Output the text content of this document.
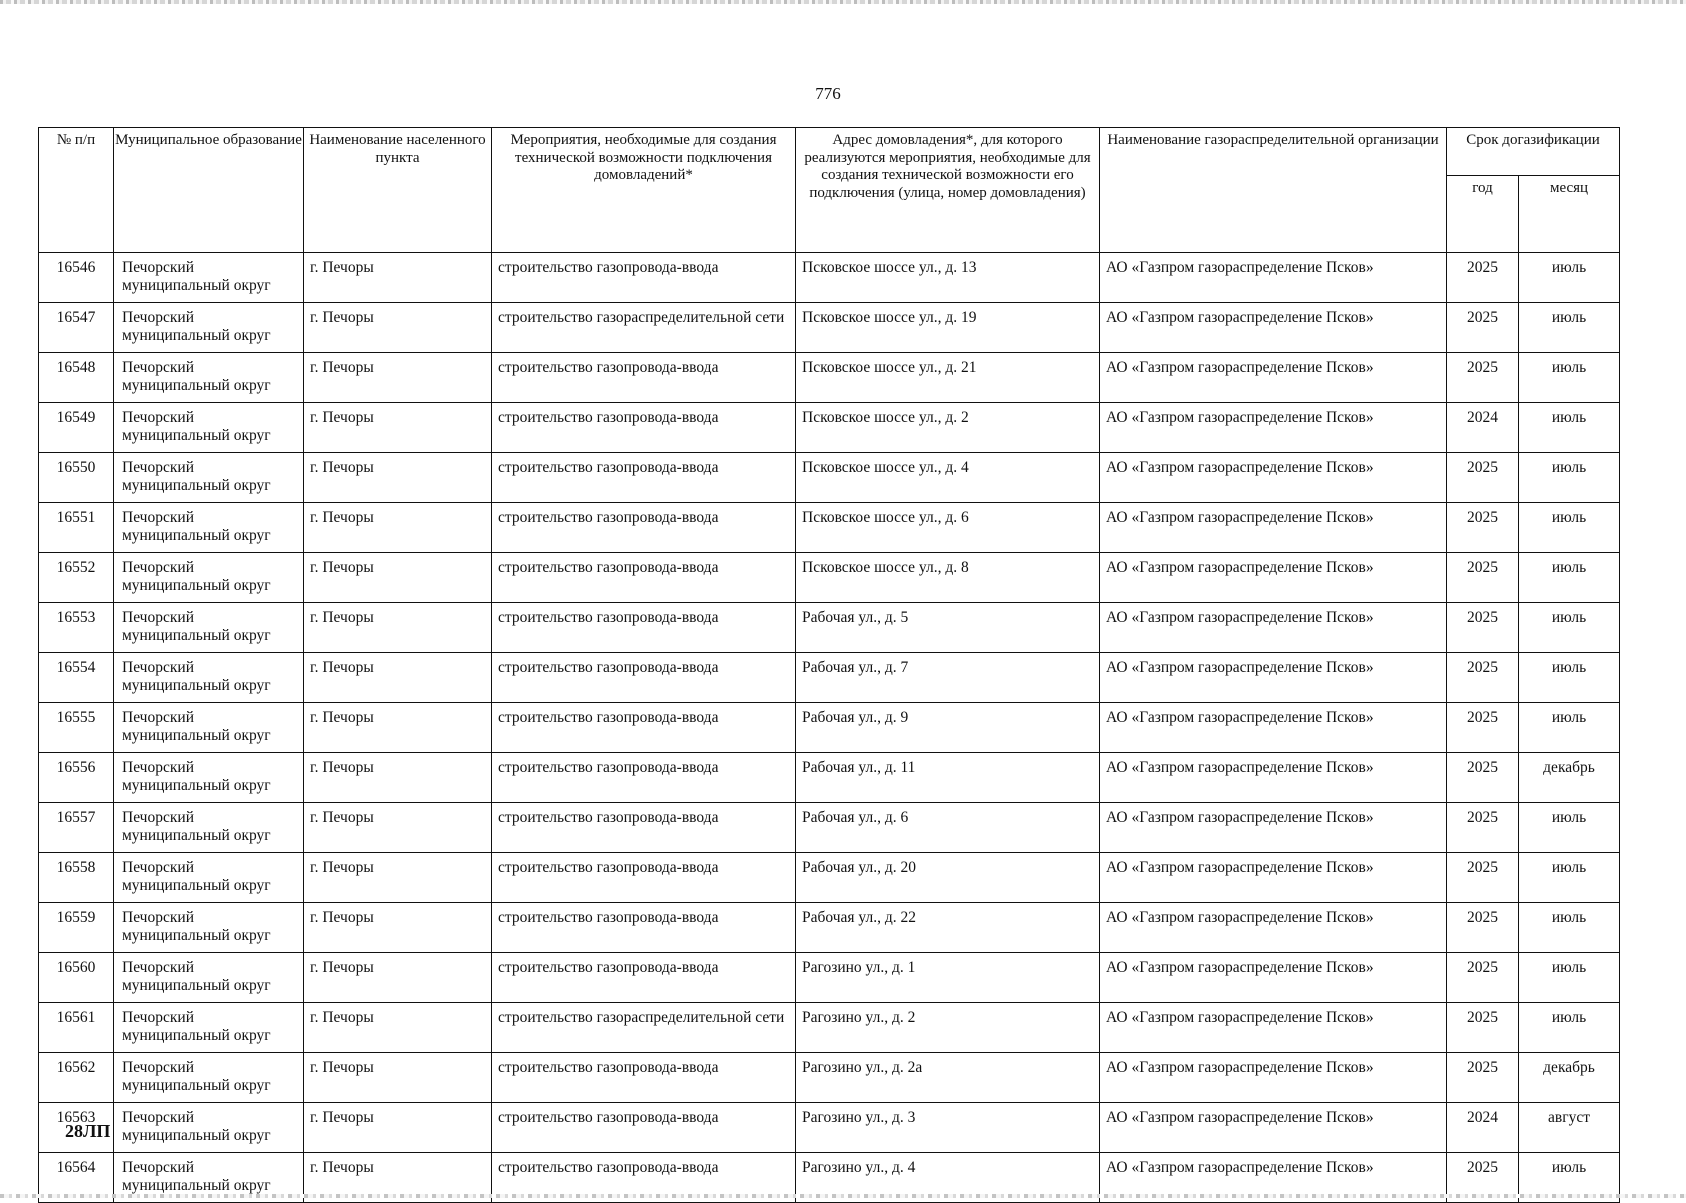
776
№ п/п	Муниципальное образование	Наименование населенного пункта	Мероприятия, необходимые для создания технической возможности подключения домовладений*	Адрес домовладения*, для которого реализуются мероприятия, необходимые для создания технической возможности его подключения (улица, номер домовладения)	Наименование газораспределительной организации	Срок догазификации	
						год	месяц
16546	Печорский муниципальный округ	г. Печоры	строительство газопровода-ввода	Псковское шоссе ул., д. 13	АО «Газпром газораспределение Псков»	2025	июль
16547	Печорский муниципальный округ	г. Печоры	строительство газораспределительной сети	Псковское шоссе ул., д. 19	АО «Газпром газораспределение Псков»	2025	июль
16548	Печорский муниципальный округ	г. Печоры	строительство газопровода-ввода	Псковское шоссе ул., д. 21	АО «Газпром газораспределение Псков»	2025	июль
16549	Печорский муниципальный округ	г. Печоры	строительство газопровода-ввода	Псковское шоссе ул., д. 2	АО «Газпром газораспределение Псков»	2024	июль
16550	Печорский муниципальный округ	г. Печоры	строительство газопровода-ввода	Псковское шоссе ул., д. 4	АО «Газпром газораспределение Псков»	2025	июль
16551	Печорский муниципальный округ	г. Печоры	строительство газопровода-ввода	Псковское шоссе ул., д. 6	АО «Газпром газораспределение Псков»	2025	июль
16552	Печорский муниципальный округ	г. Печоры	строительство газопровода-ввода	Псковское шоссе ул., д. 8	АО «Газпром газораспределение Псков»	2025	июль
16553	Печорский муниципальный округ	г. Печоры	строительство газопровода-ввода	Рабочая ул., д. 5	АО «Газпром газораспределение Псков»	2025	июль
16554	Печорский муниципальный округ	г. Печоры	строительство газопровода-ввода	Рабочая ул., д. 7	АО «Газпром газораспределение Псков»	2025	июль
16555	Печорский муниципальный округ	г. Печоры	строительство газопровода-ввода	Рабочая ул., д. 9	АО «Газпром газораспределение Псков»	2025	июль
16556	Печорский муниципальный округ	г. Печоры	строительство газопровода-ввода	Рабочая ул., д. 11	АО «Газпром газораспределение Псков»	2025	декабрь
16557	Печорский муниципальный округ	г. Печоры	строительство газопровода-ввода	Рабочая ул., д. 6	АО «Газпром газораспределение Псков»	2025	июль
16558	Печорский муниципальный округ	г. Печоры	строительство газопровода-ввода	Рабочая ул., д. 20	АО «Газпром газораспределение Псков»	2025	июль
16559	Печорский муниципальный округ	г. Печоры	строительство газопровода-ввода	Рабочая ул., д. 22	АО «Газпром газораспределение Псков»	2025	июль
16560	Печорский муниципальный округ	г. Печоры	строительство газопровода-ввода	Рагозино ул., д. 1	АО «Газпром газораспределение Псков»	2025	июль
16561	Печорский муниципальный округ	г. Печоры	строительство газораспределительной сети	Рагозино ул., д. 2	АО «Газпром газораспределение Псков»	2025	июль
16562	Печорский муниципальный округ	г. Печоры	строительство газопровода-ввода	Рагозино ул., д. 2а	АО «Газпром газораспределение Псков»	2025	декабрь
16563	Печорский муниципальный округ	г. Печоры	строительство газопровода-ввода	Рагозино ул., д. 3	АО «Газпром газораспределение Псков»	2024	август
16564	Печорский муниципальный округ	г. Печоры	строительство газопровода-ввода	Рагозино ул., д. 4	АО «Газпром газораспределение Псков»	2025	июль
28ЛП
